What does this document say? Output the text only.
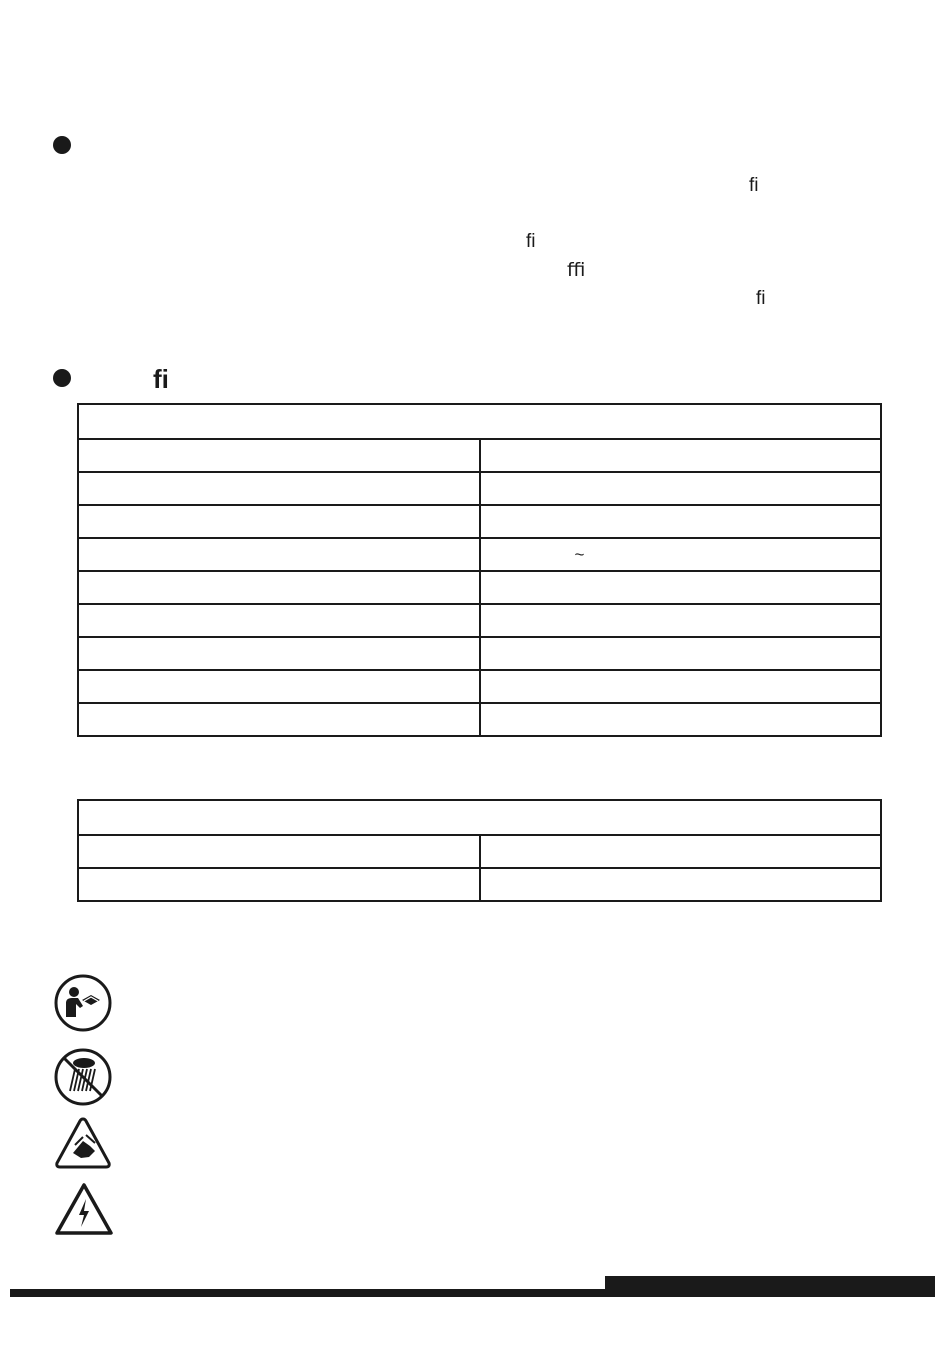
ﬁ
ﬁ
ﬃ
ﬁ
ﬁ

	~
